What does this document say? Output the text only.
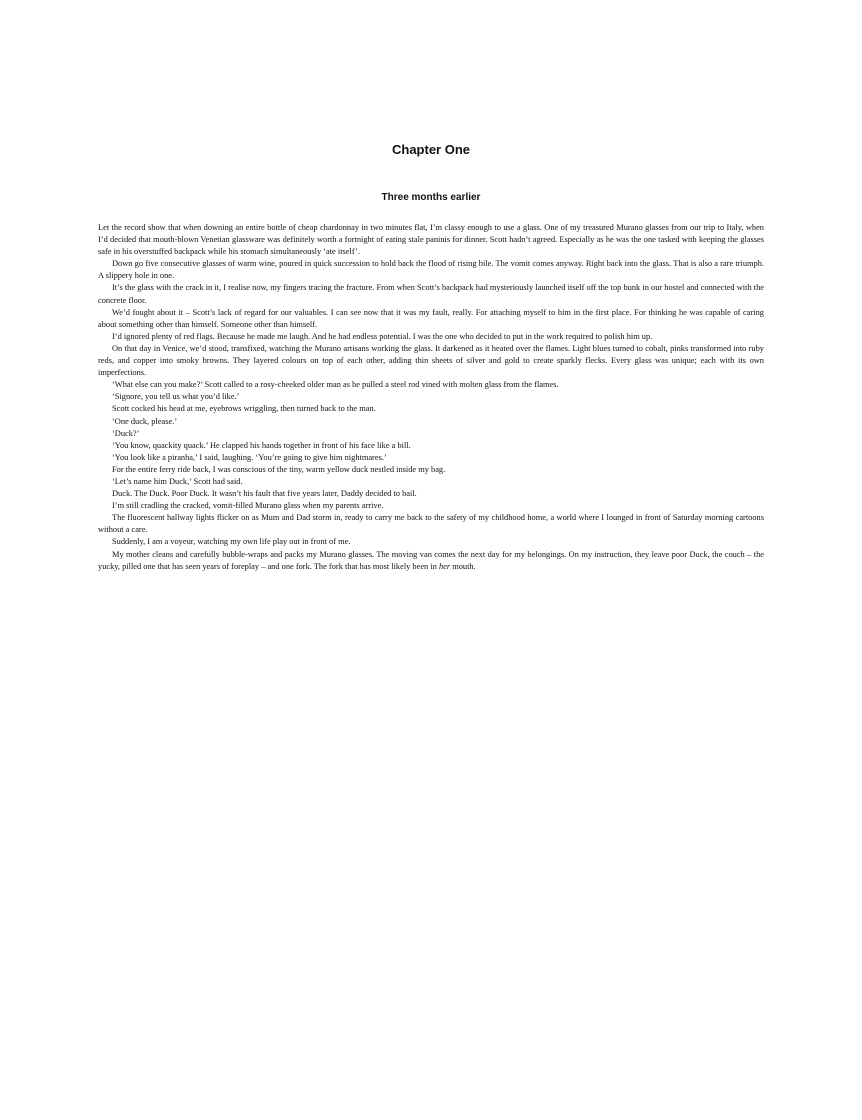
Chapter One
Three months earlier

Let the record show that when downing an entire bottle of cheap chardonnay in two minutes flat, I’m classy enough to use a glass. One of my treasured Murano glasses from our trip to Italy, when I’d decided that mouth-blown Venetian glassware was definitely worth a fortnight of eating stale paninis for dinner. Scott hadn’t agreed. Especially as he was the one tasked with keeping the glasses safe in his overstuffed backpack while his stomach simultaneously ‘ate itself’.

Down go five consecutive glasses of warm wine, poured in quick succession to hold back the flood of rising bile. The vomit comes anyway. Right back into the glass. That is also a rare triumph. A slippery hole in one.

It’s the glass with the crack in it, I realise now, my fingers tracing the fracture. From when Scott’s backpack had mysteriously launched itself off the top bunk in our hostel and connected with the concrete floor.

We’d fought about it – Scott’s lack of regard for our valuables. I can see now that it was my fault, really. For attaching myself to him in the first place. For thinking he was capable of caring about something other than himself. Someone other than himself.

I’d ignored plenty of red flags. Because he made me laugh. And he had endless potential. I was the one who decided to put in the work required to polish him up.

On that day in Venice, we’d stood, transfixed, watching the Murano artisans working the glass. It darkened as it heated over the flames. Light blues turned to cobalt, pinks transformed into ruby reds, and copper into smoky browns. They layered colours on top of each other, adding thin sheets of silver and gold to create sparkly flecks. Every glass was unique; each with its own imperfections.

‘What else can you make?’ Scott called to a rosy-cheeked older man as he pulled a steel rod vined with molten glass from the flames.

‘Signore, you tell us what you’d like.’

Scott cocked his head at me, eyebrows wriggling, then turned back to the man.

‘One duck, please.’

‘Duck?’

‘You know, quackity quack.’ He clapped his hands together in front of his face like a bill.

‘You look like a piranha,’ I said, laughing. ‘You’re going to give him nightmares.’

For the entire ferry ride back, I was conscious of the tiny, warm yellow duck nestled inside my bag.

‘Let’s name him Duck,’ Scott had said.

Duck. The Duck. Poor Duck. It wasn’t his fault that five years later, Daddy decided to bail.

I’m still cradling the cracked, vomit-filled Murano glass when my parents arrive.

The fluorescent hallway lights flicker on as Mum and Dad storm in, ready to carry me back to the safety of my childhood home, a world where I lounged in front of Saturday morning cartoons without a care.

Suddenly, I am a voyeur, watching my own life play out in front of me.

My mother cleans and carefully bubble-wraps and packs my Murano glasses. The moving van comes the next day for my belongings. On my instruction, they leave poor Duck, the couch – the yucky, pilled one that has seen years of foreplay – and one fork. The fork that has most likely been in her mouth.
